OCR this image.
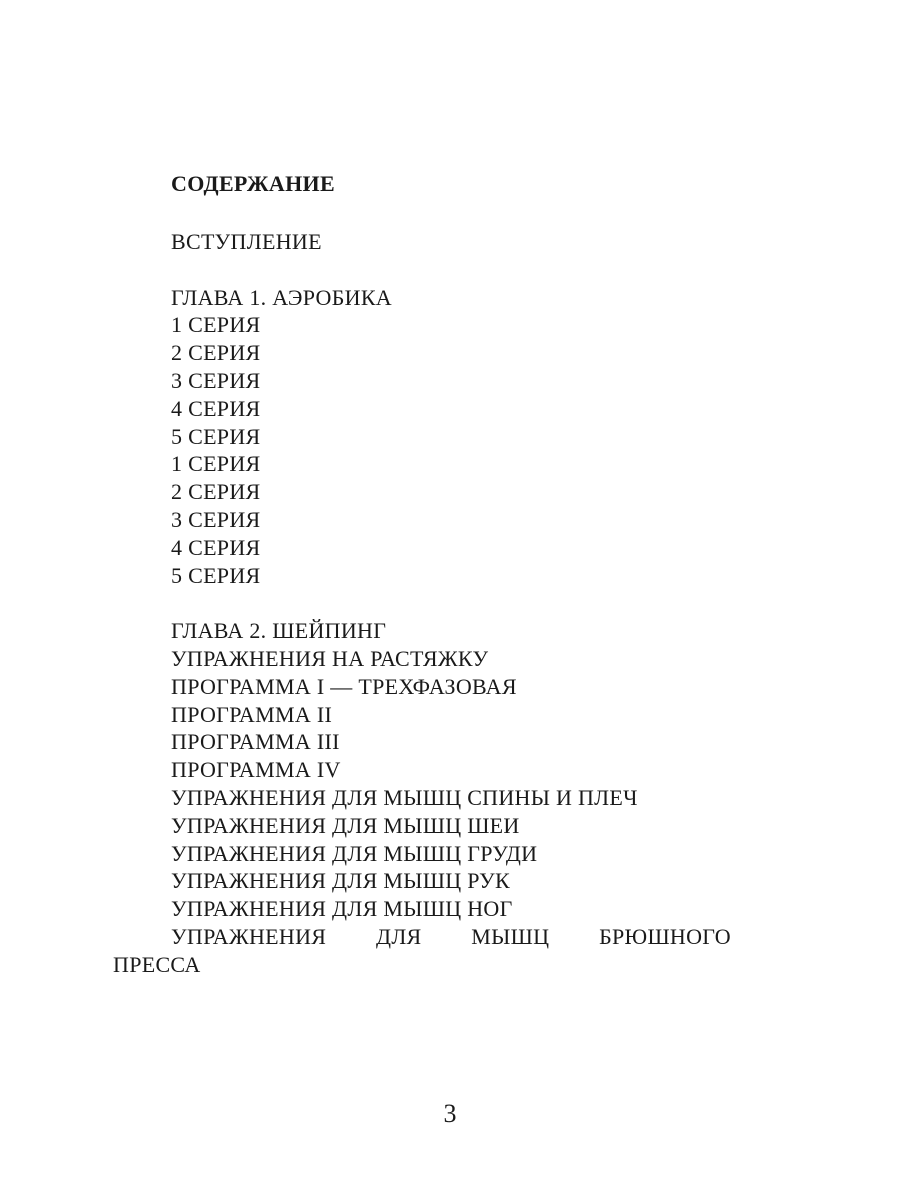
СОДЕРЖАНИЕ
ВСТУПЛЕНИЕ
ГЛАВА 1. АЭРОБИКА
1 СЕРИЯ
2 СЕРИЯ
3 СЕРИЯ
4 СЕРИЯ
5 СЕРИЯ
1 СЕРИЯ
2 СЕРИЯ
3 СЕРИЯ
4 СЕРИЯ
5 СЕРИЯ
ГЛАВА 2. ШЕЙПИНГ
УПРАЖНЕНИЯ НА РАСТЯЖКУ
ПРОГРАММА I — ТРЕХФАЗОВАЯ
ПРОГРАММА II
ПРОГРАММА III
ПРОГРАММА IV
УПРАЖНЕНИЯ ДЛЯ МЫШЦ СПИНЫ И ПЛЕЧ
УПРАЖНЕНИЯ ДЛЯ МЫШЦ ШЕИ
УПРАЖНЕНИЯ ДЛЯ МЫШЦ ГРУДИ
УПРАЖНЕНИЯ ДЛЯ МЫШЦ РУК
УПРАЖНЕНИЯ ДЛЯ МЫШЦ НОГ
УПРАЖНЕНИЯ ДЛЯ МЫШЦ БРЮШНОГО
ПРЕССА
3
